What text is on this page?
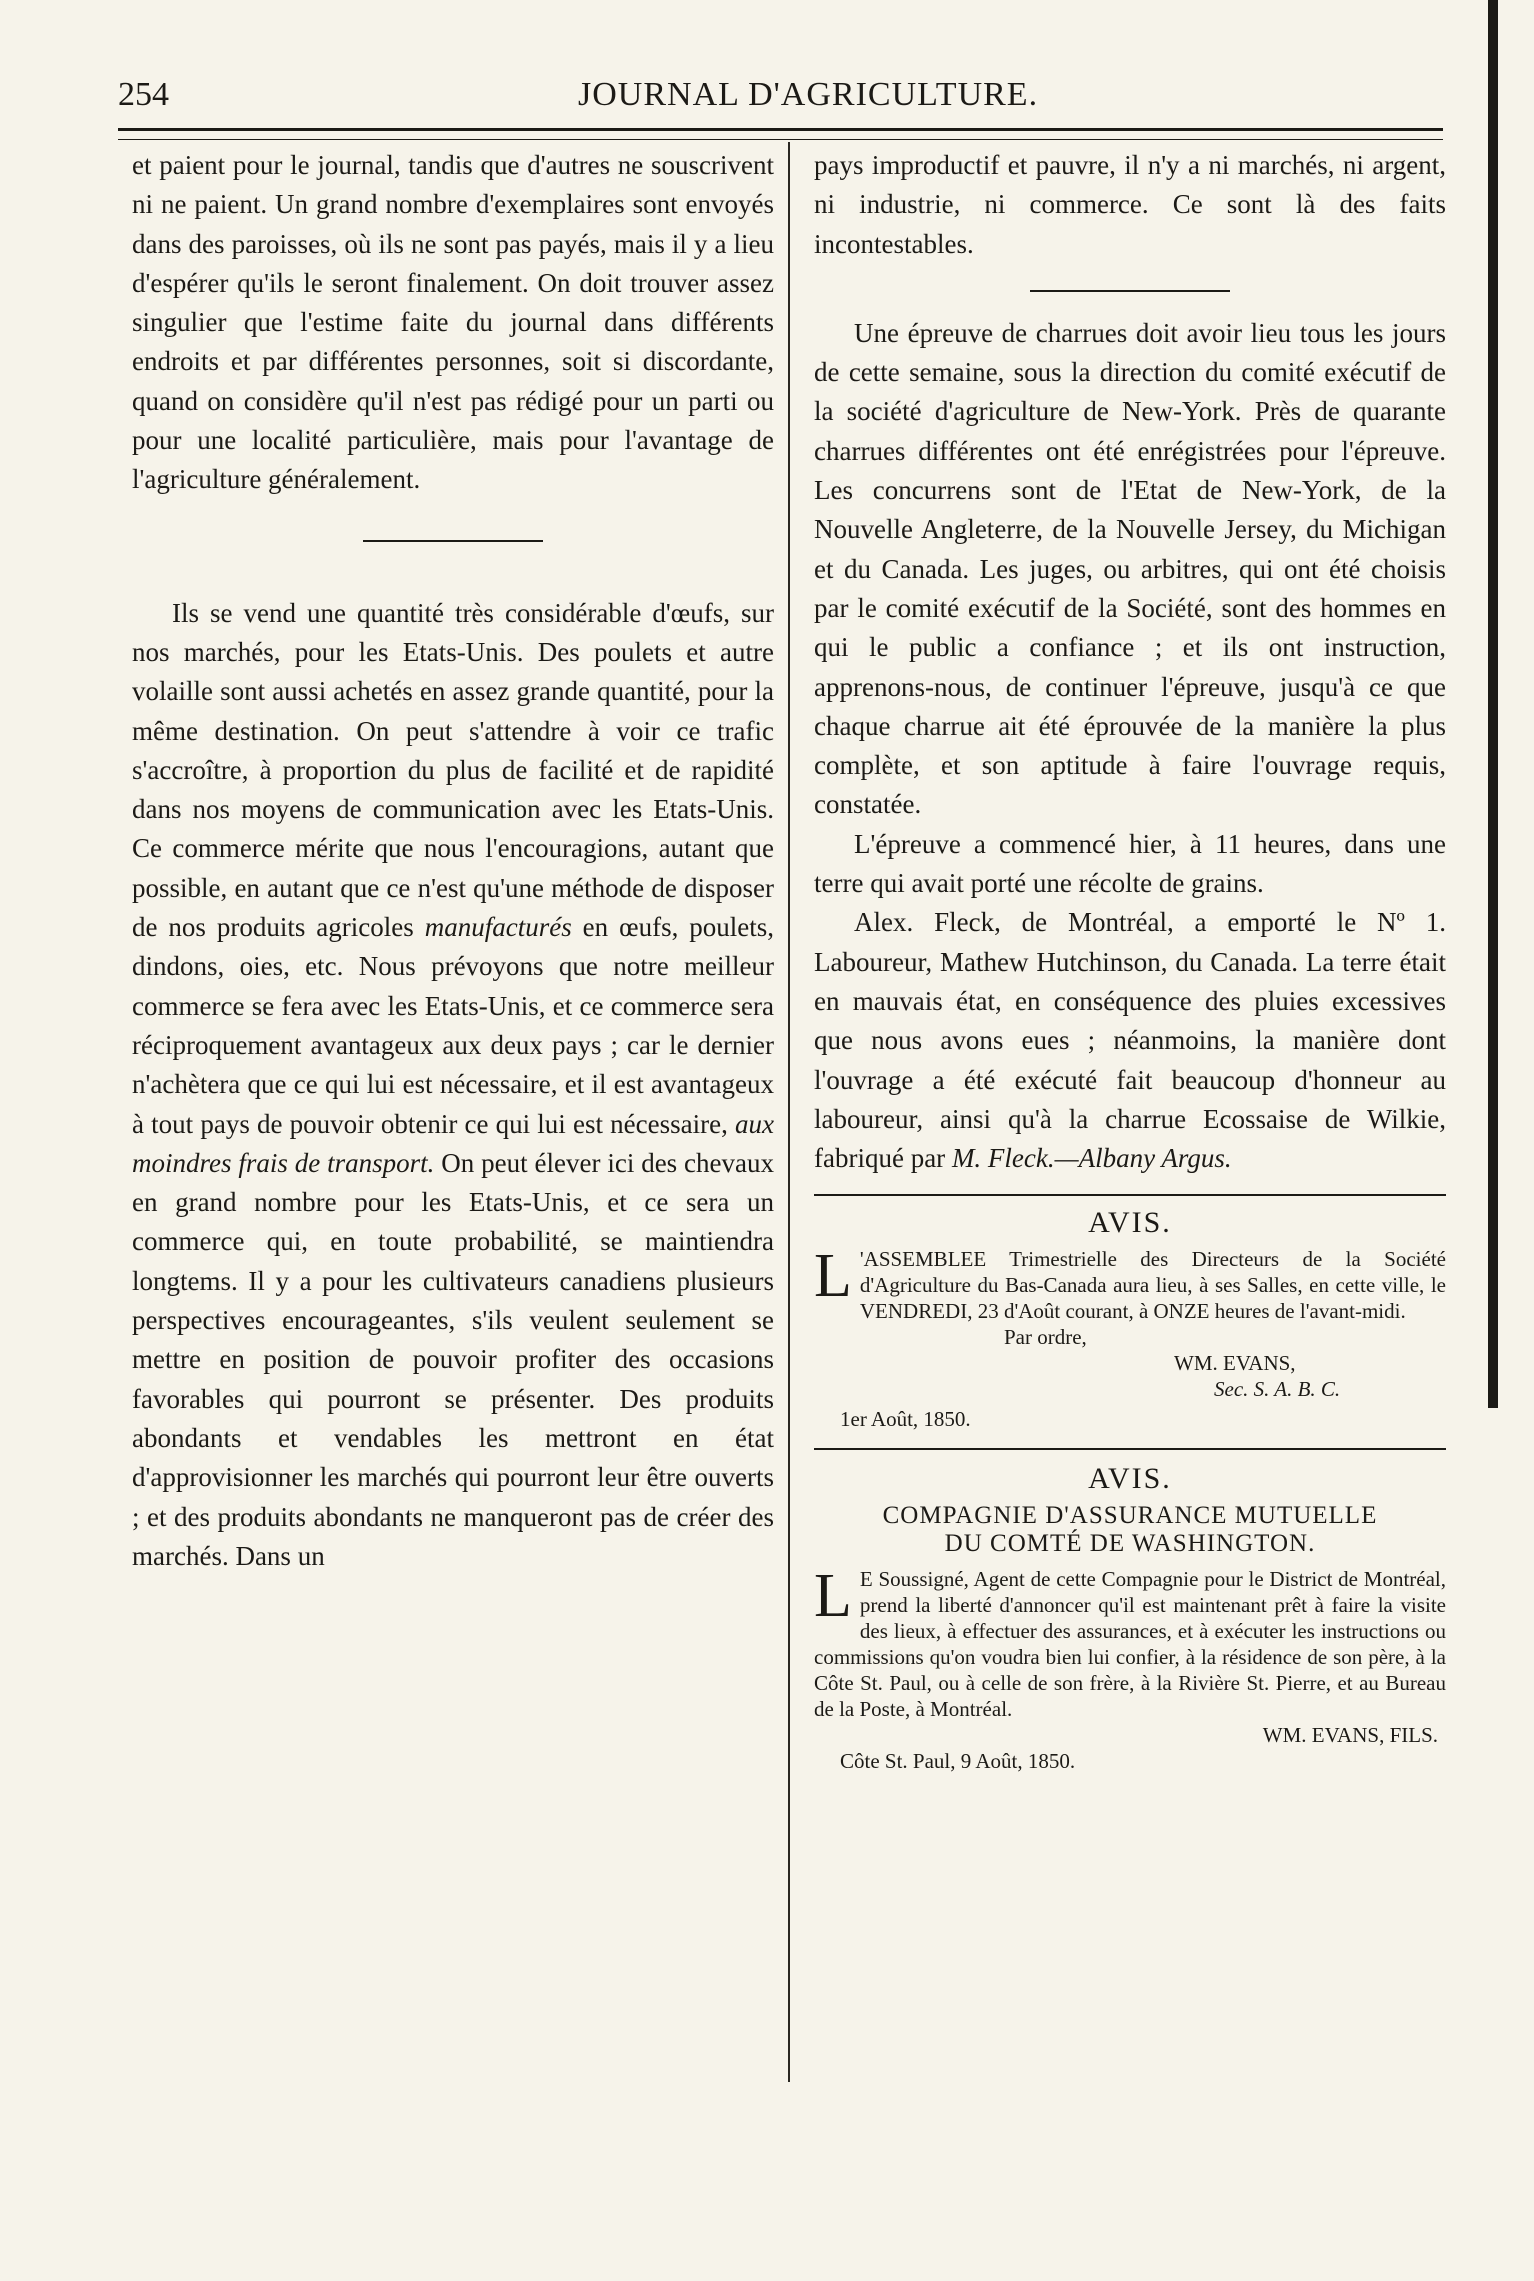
254	JOURNAL D'AGRICULTURE.

et paient pour le journal, tandis que d'autres ne souscrivent ni ne paient. Un grand nombre d'exemplaires sont envoyés dans des paroisses, où ils ne sont pas payés, mais il y a lieu d'espérer qu'ils le seront finalement. On doit trouver assez singulier que l'estime faite du journal dans différents endroits et par différentes personnes, soit si discordante, quand on considère qu'il n'est pas rédigé pour un parti ou pour une localité particulière, mais pour l'avantage de l'agriculture généralement.

Ils se vend une quantité très considérable d'œufs, sur nos marchés, pour les Etats-Unis. Des poulets et autre volaille sont aussi achetés en assez grande quantité, pour la même destination. On peut s'attendre à voir ce trafic s'accroître, à proportion du plus de facilité et de rapidité dans nos moyens de communication avec les Etats-Unis. Ce commerce mérite que nous l'encouragions, autant que possible, en autant que ce n'est qu'une méthode de disposer de nos produits agricoles manufacturés en œufs, poulets, dindons, oies, etc. Nous prévoyons que notre meilleur commerce se fera avec les Etats-Unis, et ce commerce sera réciproquement avantageux aux deux pays ; car le dernier n'achètera que ce qui lui est nécessaire, et il est avantageux à tout pays de pouvoir obtenir ce qui lui est nécessaire, aux moindres frais de transport. On peut élever ici des chevaux en grand nombre pour les Etats-Unis, et ce sera un commerce qui, en toute probabilité, se maintiendra longtems. Il y a pour les cultivateurs canadiens plusieurs perspectives encourageantes, s'ils veulent seulement se mettre en position de pouvoir profiter des occasions favorables qui pourront se présenter. Des produits abondants et vendables les mettront en état d'approvisionner les marchés qui pourront leur être ouverts ; et des produits abondants ne manqueront pas de créer des marchés. Dans un

pays improductif et pauvre, il n'y a ni marchés, ni argent, ni industrie, ni commerce. Ce sont là des faits incontestables.

Une épreuve de charrues doit avoir lieu tous les jours de cette semaine, sous la direction du comité exécutif de la société d'agriculture de New-York. Près de quarante charrues différentes ont été enrégistrées pour l'épreuve. Les concurrens sont de l'Etat de New-York, de la Nouvelle Angleterre, de la Nouvelle Jersey, du Michigan et du Canada. Les juges, ou arbitres, qui ont été choisis par le comité exécutif de la Société, sont des hommes en qui le public a confiance ; et ils ont instruction, apprenons-nous, de continuer l'épreuve, jusqu'à ce que chaque charrue ait été éprouvée de la manière la plus complète, et son aptitude à faire l'ouvrage requis, constatée.

L'épreuve a commencé hier, à 11 heures, dans une terre qui avait porté une récolte de grains.

Alex. Fleck, de Montréal, a emporté le Nº 1. Laboureur, Mathew Hutchinson, du Canada. La terre était en mauvais état, en conséquence des pluies excessives que nous avons eues ; néanmoins, la manière dont l'ouvrage a été exécuté fait beaucoup d'honneur au laboureur, ainsi qu'à la charrue Ecossaise de Wilkie, fabriqué par M. Fleck.—Albany Argus.

AVIS.

L 'ASSEMBLEE Trimestrielle des Directeurs de la Société d'Agriculture du Bas-Canada aura lieu, à ses Salles, en cette ville, le VENDREDI, 23 d'Août courant, à ONZE heures de l'avant-midi.

Par ordre,

WM. EVANS,

Sec. S. A. B. C.

1er Août, 1850.

AVIS.

COMPAGNIE D'ASSURANCE MUTUELLE

DU COMTÉ DE WASHINGTON.

L E Soussigné, Agent de cette Compagnie pour le District de Montréal, prend la liberté d'annoncer qu'il est maintenant prêt à faire la visite des lieux, à effectuer des assurances, et à exécuter les instructions ou commissions qu'on voudra bien lui confier, à la résidence de son père, à la Côte St. Paul, ou à celle de son frère, à la Rivière St. Pierre, et au Bureau de la Poste, à Montréal.

WM. EVANS, FILS.

Côte St. Paul, 9 Août, 1850.
